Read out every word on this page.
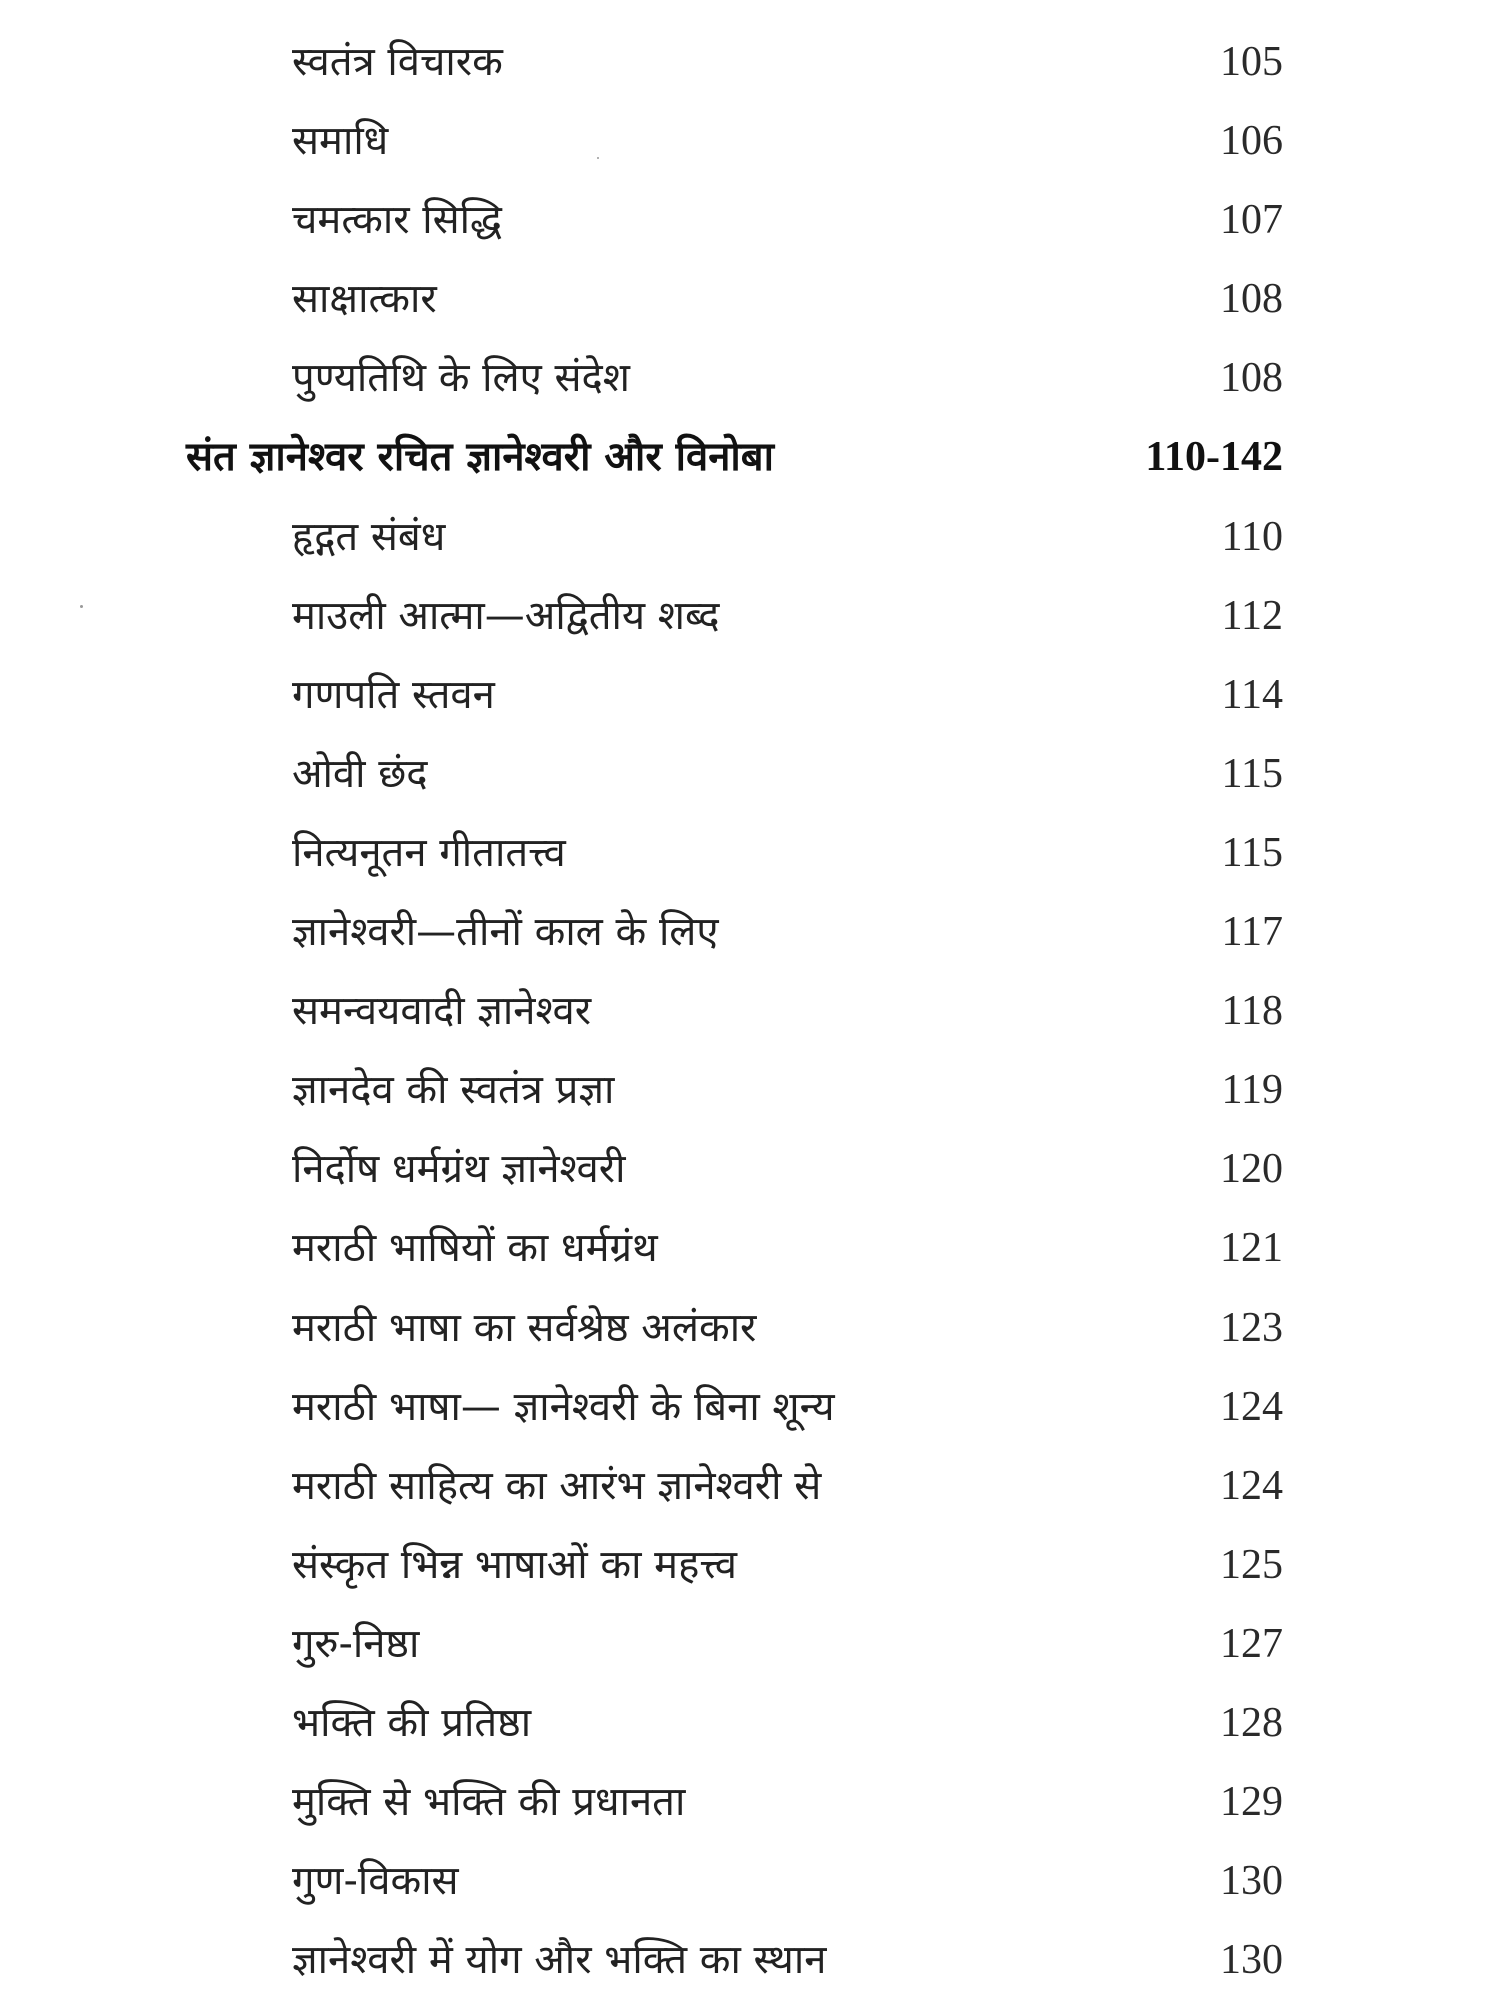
स्वतंत्र विचारक	105
समाधि	106
चमत्कार सिद्धि	107
साक्षात्कार	108
पुण्यतिथि के लिए संदेश	108
संत ज्ञानेश्वर रचित ज्ञानेश्वरी और विनोबा	110-142
हृद्गत संबंध	110
माउली आत्मा—अद्वितीय शब्द	112
गणपति स्तवन	114
ओवी छंद	115
नित्यनूतन गीतातत्त्व	115
ज्ञानेश्वरी—तीनों काल के लिए	117
समन्वयवादी ज्ञानेश्वर	118
ज्ञानदेव की स्वतंत्र प्रज्ञा	119
निर्दोष धर्मग्रंथ ज्ञानेश्वरी	120
मराठी भाषियों का धर्मग्रंथ	121
मराठी भाषा का सर्वश्रेष्ठ अलंकार	123
मराठी भाषा— ज्ञानेश्वरी के बिना शून्य	124
मराठी साहित्य का आरंभ ज्ञानेश्वरी से	124
संस्कृत भिन्न भाषाओं का महत्त्व	125
गुरु-निष्ठा	127
भक्ति की प्रतिष्ठा	128
मुक्ति से भक्ति की प्रधानता	129
गुण-विकास	130
ज्ञानेश्वरी में योग और भक्ति का स्थान	130
